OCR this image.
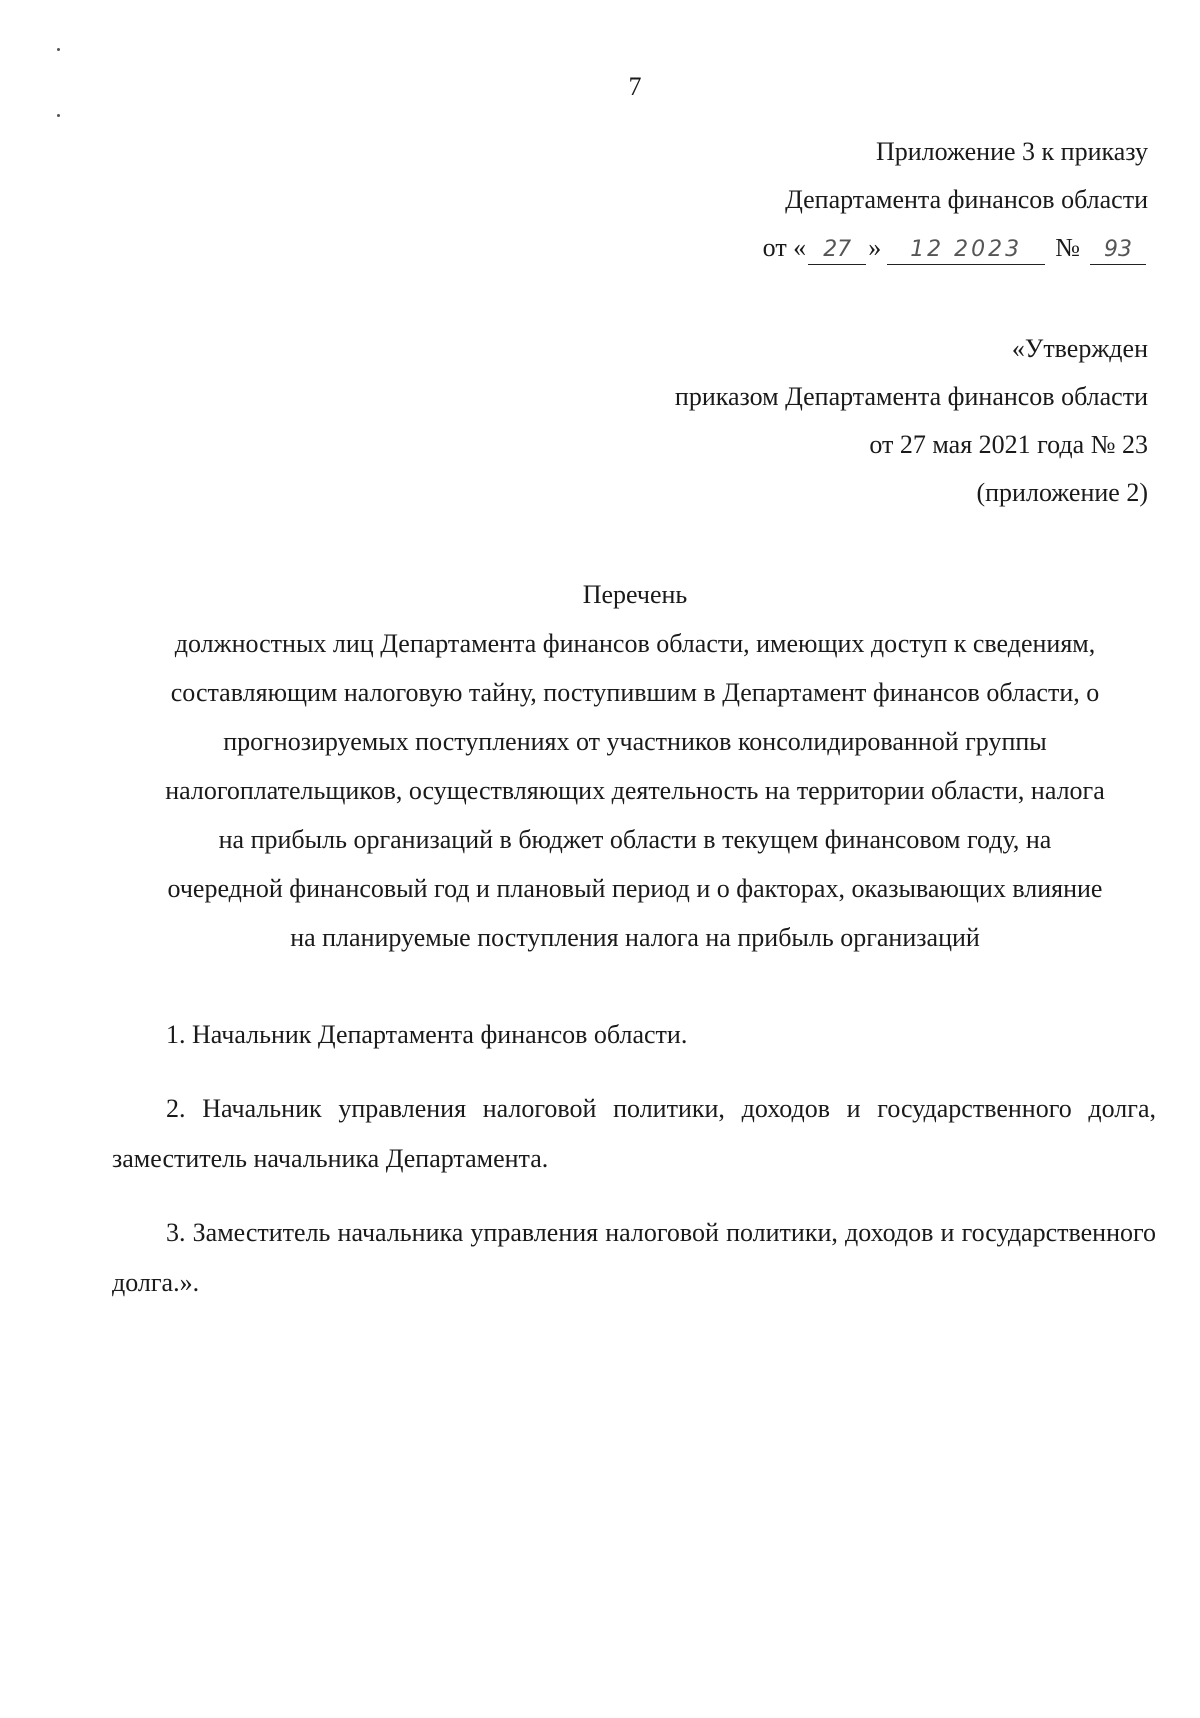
7
Приложение 3 к приказу
Департамента финансов области
от « 27 »	12 2023	№	93
«Утвержден
приказом Департамента финансов области
от 27 мая 2021 года № 23
(приложение 2)
Перечень
должностных лиц Департамента финансов области, имеющих доступ к сведениям,
составляющим налоговую тайну, поступившим в Департамент финансов области, о
прогнозируемых поступлениях от участников консолидированной группы
налогоплательщиков, осуществляющих деятельность на территории области, налога
на прибыль организаций в бюджет области в текущем финансовом году, на
очередной финансовый год и плановый период и о факторах, оказывающих влияние
на планируемые поступления налога на прибыль организаций
1. Начальник Департамента финансов области.
2. Начальник управления налоговой политики, доходов и государственного долга, заместитель начальника Департамента.
3. Заместитель начальника управления налоговой политики, доходов и государственного долга.».
